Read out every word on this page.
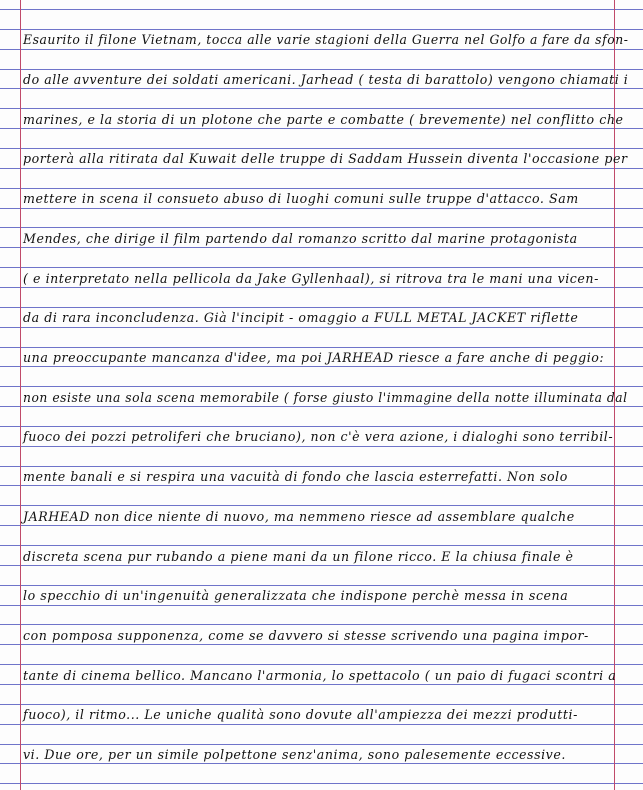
Esaurito il filone Vietnam, tocca alle varie stagioni della Guerra nel Golfo a fare da sfon-
do alle avventure dei soldati americani. Jarhead ( testa di barattolo) vengono chiamati i
marines, e la storia di un plotone che parte e combatte ( brevemente) nel conflitto che
porterà alla ritirata dal Kuwait delle truppe di Saddam Hussein diventa l'occasione per
mettere in scena il consueto abuso di luoghi comuni sulle truppe d'attacco. Sam
Mendes, che dirige il film partendo dal romanzo scritto dal marine protagonista
( e interpretato nella pellicola da Jake Gyllenhaal), si ritrova tra le mani una vicen-
da di rara inconcludenza. Già l'incipit - omaggio a FULL METAL JACKET riflette
una preoccupante mancanza d'idee, ma poi JARHEAD riesce a fare anche di peggio:
non esiste una sola scena memorabile ( forse giusto l'immagine della notte illuminata dal
fuoco dei pozzi petroliferi che bruciano), non c'è vera azione, i dialoghi sono terribil-
mente banali e si respira una vacuità di fondo che lascia esterrefatti. Non solo
JARHEAD non dice niente di nuovo, ma nemmeno riesce ad assemblare qualche
discreta scena pur rubando a piene mani da un filone ricco. E la chiusa finale è
lo specchio di un'ingenuità generalizzata che indispone perchè messa in scena
con pomposa supponenza, come se davvero si stesse scrivendo una pagina impor-
tante di cinema bellico. Mancano l'armonia, lo spettacolo ( un paio di fugaci scontri a
fuoco), il ritmo... Le uniche qualità sono dovute all'ampiezza dei mezzi produtti-
vi. Due ore, per un simile polpettone senz'anima, sono palesemente eccessive.
